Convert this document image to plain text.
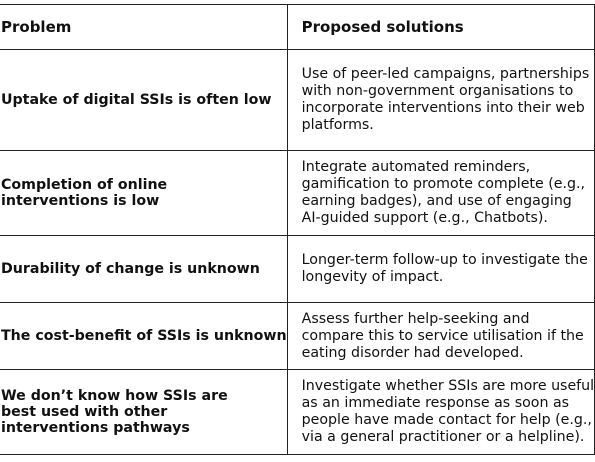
Problem	Proposed solutions

Uptake of digital SSIs is often low	Use of peer-led campaigns, partnerships
with non-government organisations to
incorporate interventions into their web
platforms.

Completion of online
interventions is low	Integrate automated reminders,
gamification to promote complete (e.g.,
earning badges), and use of engaging
AI-guided support (e.g., Chatbots).

Durability of change is unknown	Longer-term follow-up to investigate the
longevity of impact.

The cost-benefit of SSIs is unknown	Assess further help-seeking and
compare this to service utilisation if the
eating disorder had developed.

We don’t know how SSIs are
best used with other
interventions pathways	Investigate whether SSIs are more useful
as an immediate response as soon as
people have made contact for help (e.g.,
via a general practitioner or a helpline).
